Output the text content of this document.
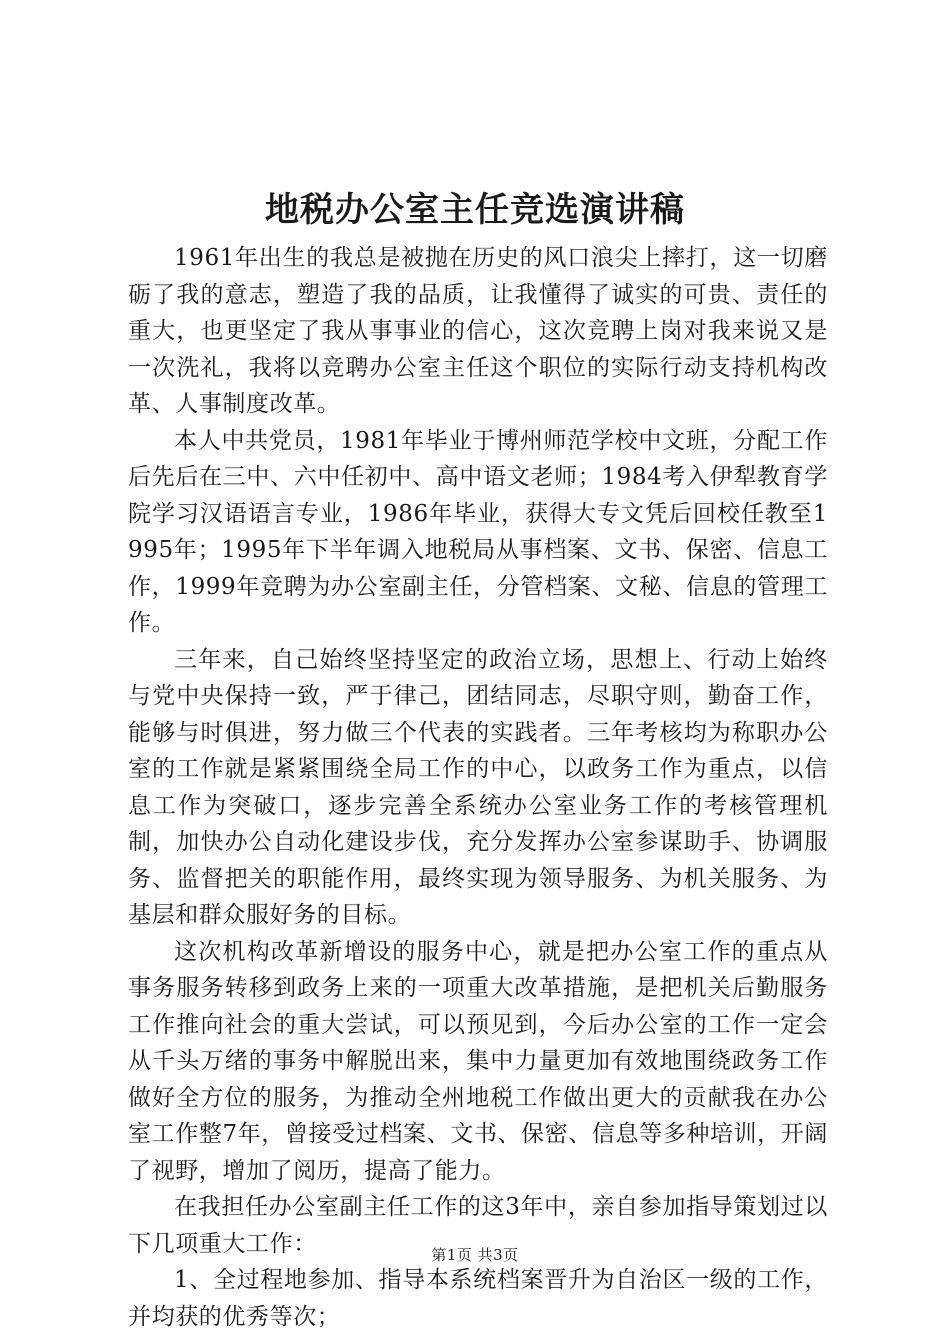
地税办公室主任竞选演讲稿

1961年出生的我总是被抛在历史的风口浪尖上摔打，这一切磨砺了我的意志，塑造了我的品质，让我懂得了诚实的可贵、责任的重大，也更坚定了我从事事业的信心，这次竞聘上岗对我来说又是一次洗礼，我将以竞聘办公室主任这个职位的实际行动支持机构改革、人事制度改革。

本人中共党员，1981年毕业于博州师范学校中文班，分配工作后先后在三中、六中任初中、高中语文老师；1984考入伊犁教育学院学习汉语语言专业，1986年毕业，获得大专文凭后回校任教至1995年；1995年下半年调入地税局从事档案、文书、保密、信息工作，1999年竞聘为办公室副主任，分管档案、文秘、信息的管理工作。

三年来，自己始终坚持坚定的政治立场，思想上、行动上始终与党中央保持一致，严于律己，团结同志，尽职守则，勤奋工作，能够与时俱进，努力做三个代表的实践者。三年考核均为称职办公室的工作就是紧紧围绕全局工作的中心，以政务工作为重点，以信息工作为突破口，逐步完善全系统办公室业务工作的考核管理机制，加快办公自动化建设步伐，充分发挥办公室参谋助手、协调服务、监督把关的职能作用，最终实现为领导服务、为机关服务、为基层和群众服好务的目标。

这次机构改革新增设的服务中心，就是把办公室工作的重点从事务服务转移到政务上来的一项重大改革措施，是把机关后勤服务工作推向社会的重大尝试，可以预见到，今后办公室的工作一定会从千头万绪的事务中解脱出来，集中力量更加有效地围绕政务工作做好全方位的服务，为推动全州地税工作做出更大的贡献我在办公室工作整7年，曾接受过档案、文书、保密、信息等多种培训，开阔了视野，增加了阅历，提高了能力。

在我担任办公室副主任工作的这3年中，亲自参加指导策划过以下几项重大工作：

1、全过程地参加、指导本系统档案晋升为自治区一级的工作，并均获的优秀等次；

第1页 共3页
